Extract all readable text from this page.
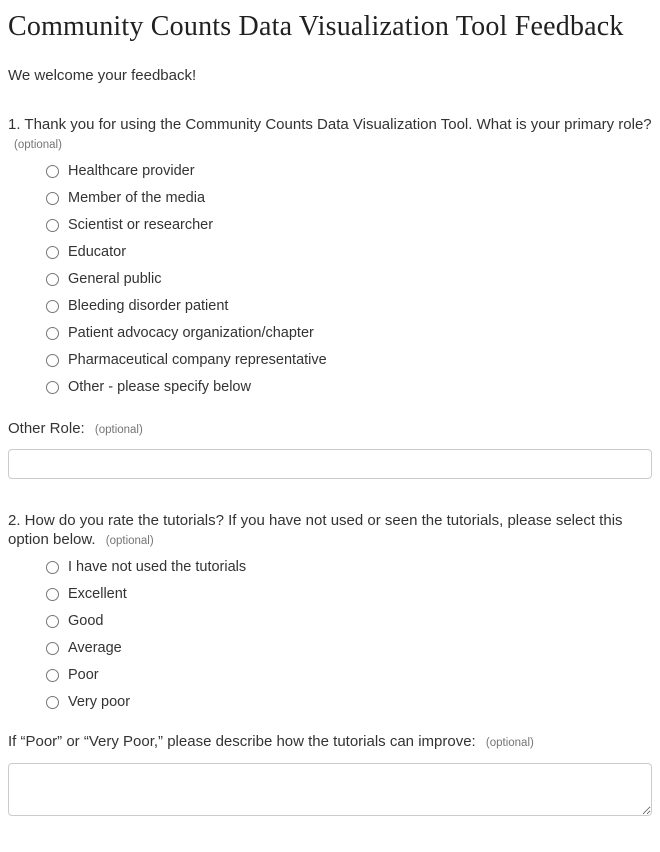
Community Counts Data Visualization Tool Feedback

We welcome your feedback!

1. Thank you for using the Community Counts Data Visualization Tool. What is your primary role? (optional)
Healthcare provider
Member of the media
Scientist or researcher
Educator
General public
Bleeding disorder patient
Patient advocacy organization/chapter
Pharmaceutical company representative
Other - please specify below
Other Role: (optional)
2. How do you rate the tutorials? If you have not used or seen the tutorials, please select this option below. (optional)
I have not used the tutorials
Excellent
Good
Average
Poor
Very poor
If “Poor” or “Very Poor,” please describe how the tutorials can improve: (optional)
